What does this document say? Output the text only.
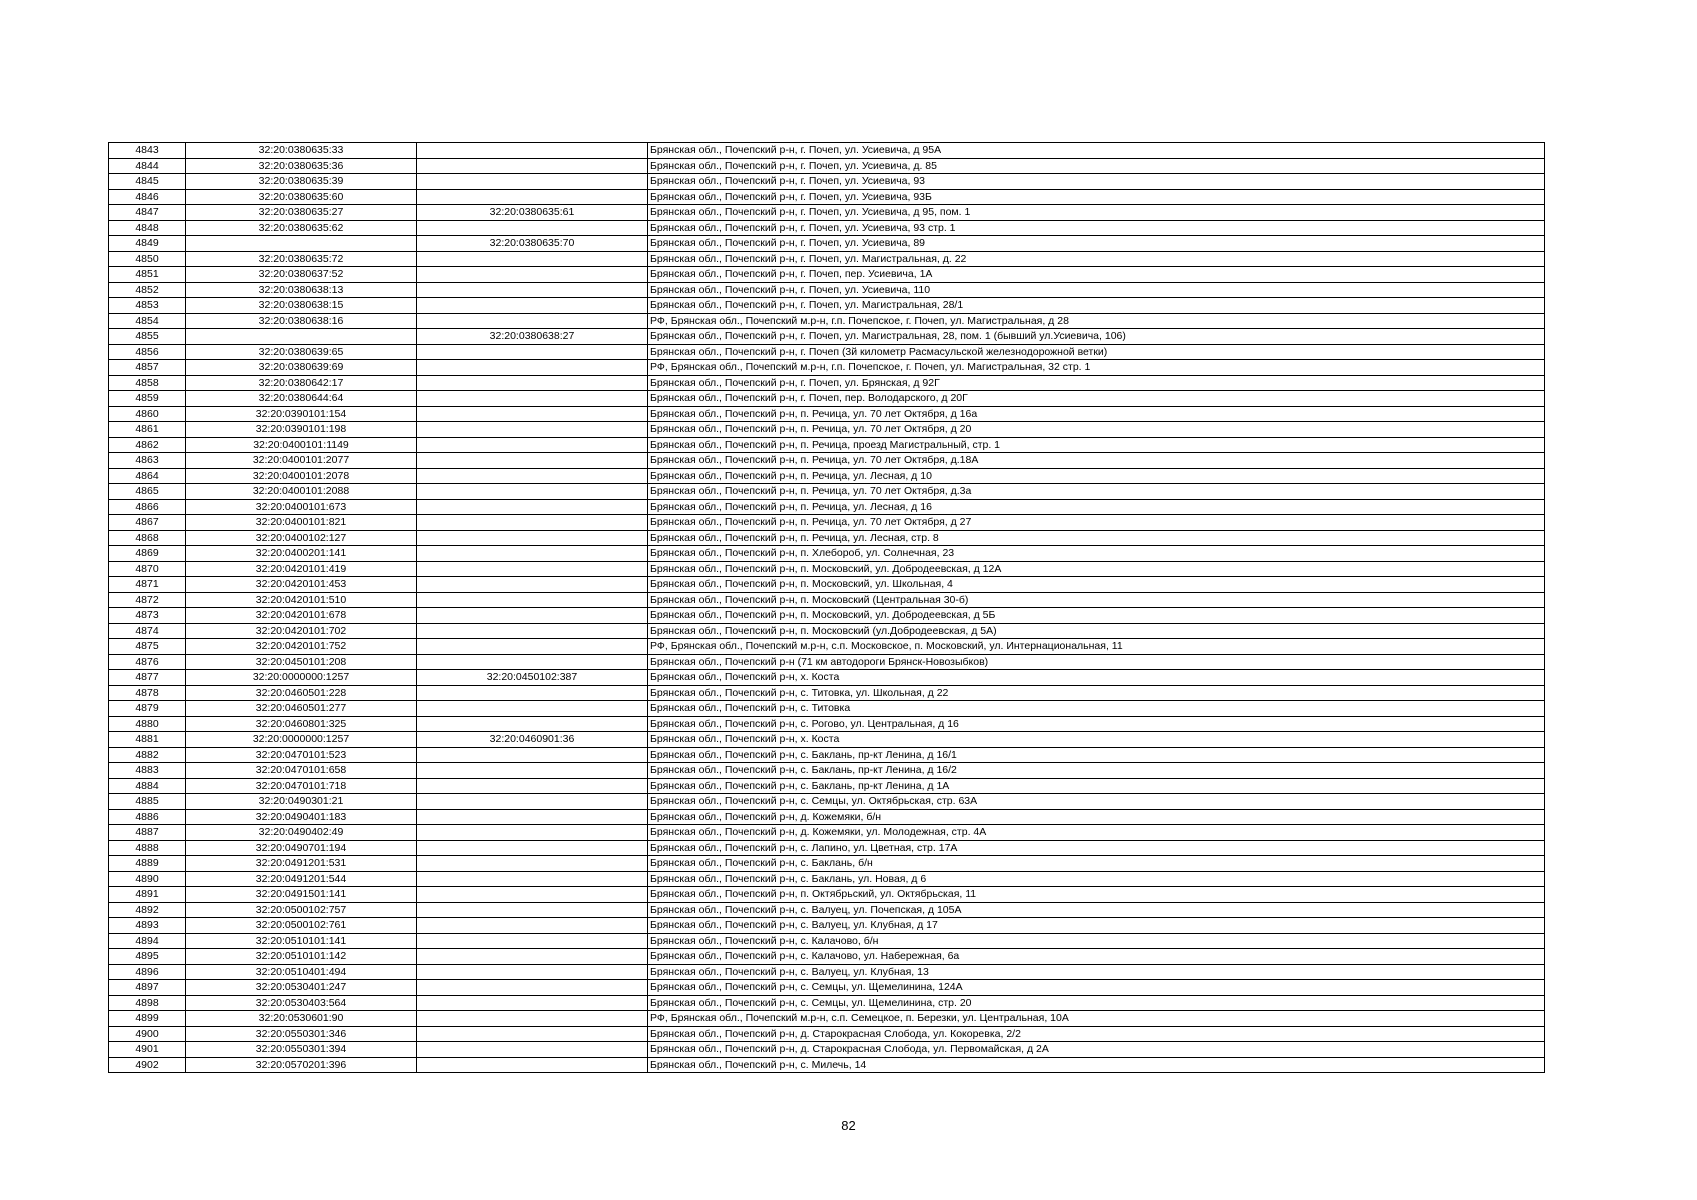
4843	32:20:0380635:33		Брянская обл., Почепский р-н, г. Почеп, ул. Усиевича, д 95А
4844	32:20:0380635:36		Брянская обл., Почепский р-н, г. Почеп, ул. Усиевича, д. 85
4845	32:20:0380635:39		Брянская обл., Почепский р-н, г. Почеп, ул. Усиевича, 93
4846	32:20:0380635:60		Брянская обл., Почепский р-н, г. Почеп, ул. Усиевича, 93Б
4847	32:20:0380635:27	32:20:0380635:61	Брянская обл., Почепский р-н, г. Почеп, ул. Усиевича, д 95, пом. 1
4848	32:20:0380635:62		Брянская обл., Почепский р-н, г. Почеп, ул. Усиевича, 93 стр. 1
4849		32:20:0380635:70	Брянская обл., Почепский р-н, г. Почеп, ул. Усиевича, 89
4850	32:20:0380635:72		Брянская обл., Почепский р-н, г. Почеп, ул. Магистральная, д. 22
4851	32:20:0380637:52		Брянская обл., Почепский р-н, г. Почеп, пер. Усиевича, 1А
4852	32:20:0380638:13		Брянская обл., Почепский р-н, г. Почеп, ул. Усиевича, 110
4853	32:20:0380638:15		Брянская обл., Почепский р-н, г. Почеп, ул. Магистральная, 28/1
4854	32:20:0380638:16		РФ, Брянская обл., Почепский м.р-н, г.п. Почепское, г. Почеп, ул. Магистральная, д 28
4855		32:20:0380638:27	Брянская обл., Почепский р-н, г. Почеп, ул. Магистральная, 28, пом. 1 (бывший ул.Усиевича, 106)
4856	32:20:0380639:65		Брянская обл., Почепский р-н, г. Почеп (3й километр Расмасульской железнодорожной ветки)
4857	32:20:0380639:69		РФ, Брянская обл., Почепский м.р-н, г.п. Почепское, г. Почеп, ул. Магистральная, 32 стр. 1
4858	32:20:0380642:17		Брянская обл., Почепский р-н, г. Почеп, ул. Брянская, д 92Г
4859	32:20:0380644:64		Брянская обл., Почепский р-н, г. Почеп, пер. Володарского, д 20Г
4860	32:20:0390101:154		Брянская обл., Почепский р-н, п. Речица, ул. 70 лет Октября, д 16а
4861	32:20:0390101:198		Брянская обл., Почепский р-н, п. Речица, ул. 70 лет Октября, д 20
4862	32:20:0400101:1149		Брянская обл., Почепский р-н, п. Речица, проезд Магистральный, стр. 1
4863	32:20:0400101:2077		Брянская обл., Почепский р-н, п. Речица, ул. 70 лет Октября, д.18А
4864	32:20:0400101:2078		Брянская обл., Почепский р-н, п. Речица, ул. Лесная, д 10
4865	32:20:0400101:2088		Брянская обл., Почепский р-н, п. Речица, ул. 70 лет Октября, д.3а
4866	32:20:0400101:673		Брянская обл., Почепский р-н, п. Речица, ул. Лесная, д 16
4867	32:20:0400101:821		Брянская обл., Почепский р-н, п. Речица, ул. 70 лет Октября, д 27
4868	32:20:0400102:127		Брянская обл., Почепский р-н, п. Речица, ул. Лесная, стр. 8
4869	32:20:0400201:141		Брянская обл., Почепский р-н, п. Хлебороб, ул. Солнечная, 23
4870	32:20:0420101:419		Брянская обл., Почепский р-н, п. Московский, ул. Добродеевская, д 12А
4871	32:20:0420101:453		Брянская обл., Почепский р-н, п. Московский, ул. Школьная, 4
4872	32:20:0420101:510		Брянская обл., Почепский р-н, п. Московский (Центральная 30-б)
4873	32:20:0420101:678		Брянская обл., Почепский р-н, п. Московский, ул. Добродеевская, д 5Б
4874	32:20:0420101:702		Брянская обл., Почепский р-н, п. Московский (ул.Добродеевская, д 5А)
4875	32:20:0420101:752		РФ, Брянская обл., Почепский м.р-н, с.п. Московское, п. Московский, ул. Интернациональная, 11
4876	32:20:0450101:208		Брянская обл., Почепский р-н (71 км автодороги Брянск-Новозыбков)
4877	32:20:0000000:1257	32:20:0450102:387	Брянская обл., Почепский р-н, х. Коста
4878	32:20:0460501:228		Брянская обл., Почепский р-н, с. Титовка, ул. Школьная, д 22
4879	32:20:0460501:277		Брянская обл., Почепский р-н, с. Титовка
4880	32:20:0460801:325		Брянская обл., Почепский р-н, с. Рогово, ул. Центральная, д 16
4881	32:20:0000000:1257	32:20:0460901:36	Брянская обл., Почепский р-н, х. Коста
4882	32:20:0470101:523		Брянская обл., Почепский р-н, с. Баклань, пр-кт Ленина, д 16/1
4883	32:20:0470101:658		Брянская обл., Почепский р-н, с. Баклань, пр-кт Ленина, д 16/2
4884	32:20:0470101:718		Брянская обл., Почепский р-н, с. Баклань, пр-кт Ленина, д 1А
4885	32:20:0490301:21		Брянская обл., Почепский р-н, с. Семцы, ул. Октябрьская, стр. 63А
4886	32:20:0490401:183		Брянская обл., Почепский р-н, д. Кожемяки, б/н
4887	32:20:0490402:49		Брянская обл., Почепский р-н, д. Кожемяки, ул. Молодежная, стр. 4А
4888	32:20:0490701:194		Брянская обл., Почепский р-н, с. Лапино, ул. Цветная, стр. 17А
4889	32:20:0491201:531		Брянская обл., Почепский р-н, с. Баклань, б/н
4890	32:20:0491201:544		Брянская обл., Почепский р-н, с. Баклань, ул. Новая, д 6
4891	32:20:0491501:141		Брянская обл., Почепский р-н, п. Октябрьский, ул. Октябрьская, 11
4892	32:20:0500102:757		Брянская обл., Почепский р-н, с. Валуец, ул. Почепская, д 105А
4893	32:20:0500102:761		Брянская обл., Почепский р-н, с. Валуец, ул. Клубная, д 17
4894	32:20:0510101:141		Брянская обл., Почепский р-н, с. Калачово, б/н
4895	32:20:0510101:142		Брянская обл., Почепский р-н, с. Калачово, ул. Набережная, 6а
4896	32:20:0510401:494		Брянская обл., Почепский р-н, с. Валуец, ул. Клубная, 13
4897	32:20:0530401:247		Брянская обл., Почепский р-н, с. Семцы, ул. Щемелинина, 124А
4898	32:20:0530403:564		Брянская обл., Почепский р-н, с. Семцы, ул. Щемелинина, стр. 20
4899	32:20:0530601:90		РФ, Брянская обл., Почепский м.р-н, с.п. Семецкое, п. Березки, ул. Центральная, 10А
4900	32:20:0550301:346		Брянская обл., Почепский р-н, д. Старокрасная Слобода, ул. Кокоревка, 2/2
4901	32:20:0550301:394		Брянская обл., Почепский р-н, д. Старокрасная Слобода, ул. Первомайская, д 2А
4902	32:20:0570201:396		Брянская обл., Почепский р-н, с. Милечь, 14
82
